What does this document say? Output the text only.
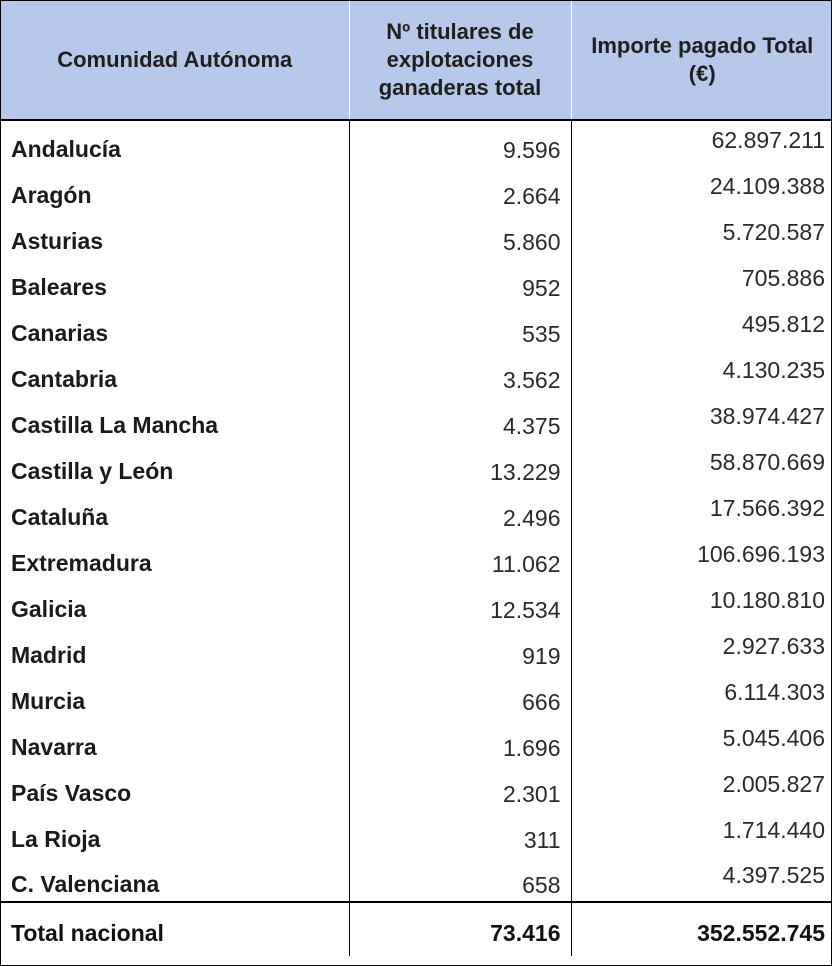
Comunidad Autónoma	Nº titulares de explotaciones ganaderas total	Importe pagado Total (€)
Andalucía	9.596	62.897.211
Aragón	2.664	24.109.388
Asturias	5.860	5.720.587
Baleares	952	705.886
Canarias	535	495.812
Cantabria	3.562	4.130.235
Castilla La Mancha	4.375	38.974.427
Castilla y León	13.229	58.870.669
Cataluña	2.496	17.566.392
Extremadura	11.062	106.696.193
Galicia	12.534	10.180.810
Madrid	919	2.927.633
Murcia	666	6.114.303
Navarra	1.696	5.045.406
País Vasco	2.301	2.005.827
La Rioja	311	1.714.440
C. Valenciana	658	4.397.525
Total nacional	73.416	352.552.745
